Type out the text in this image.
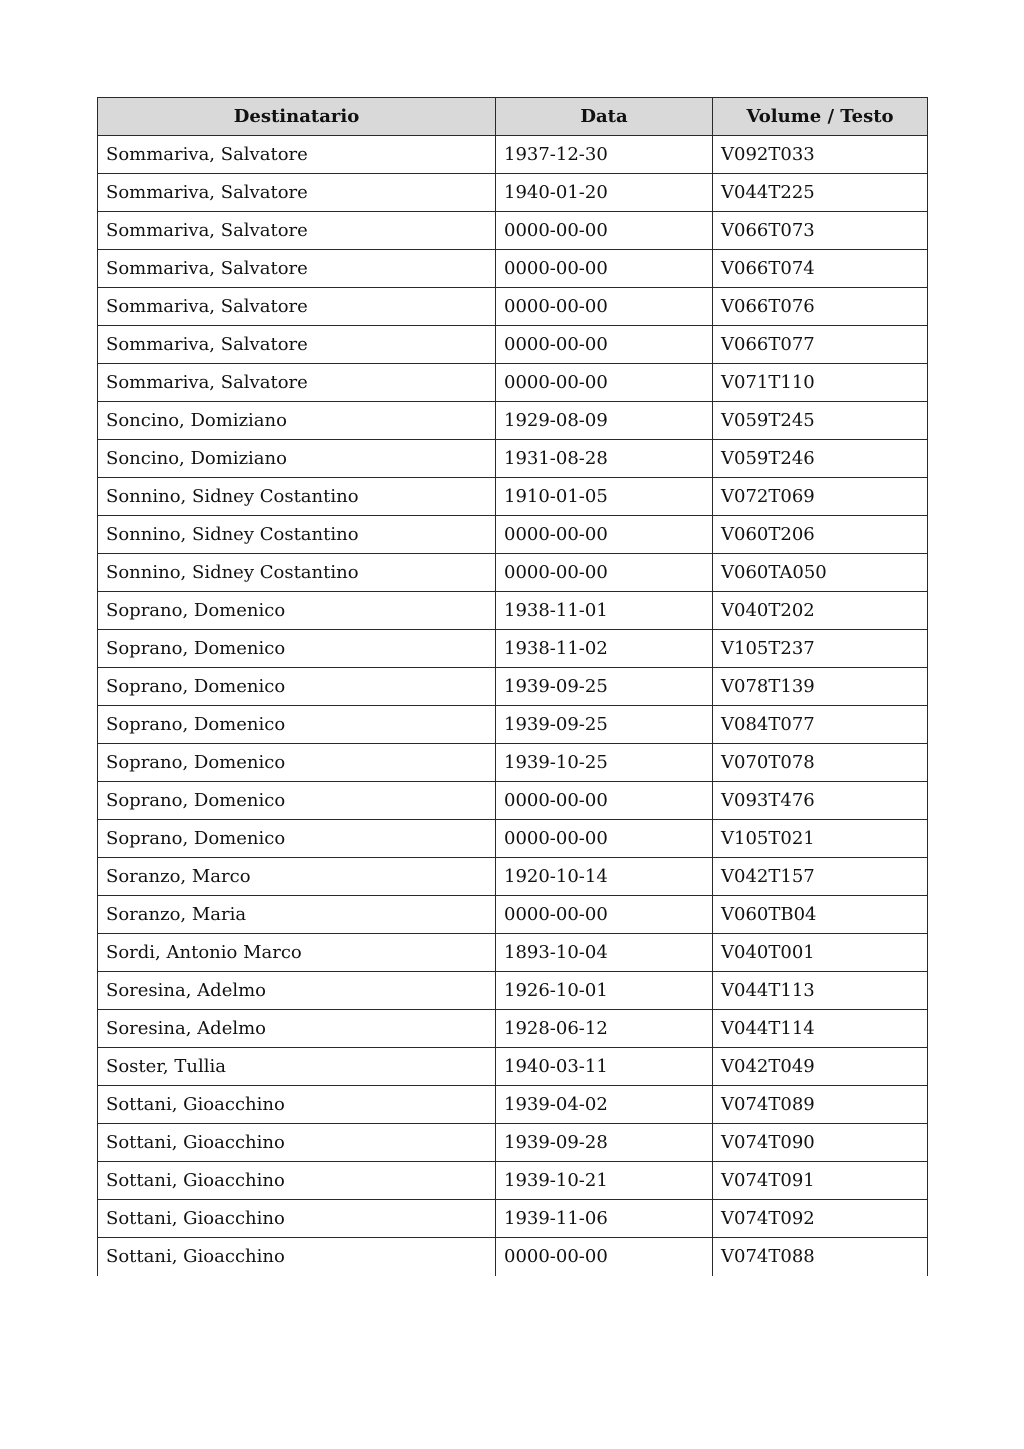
Destinatario	Data	Volume / Testo
Sommariva, Salvatore	1937-12-30	V092T033
Sommariva, Salvatore	1940-01-20	V044T225
Sommariva, Salvatore	0000-00-00	V066T073
Sommariva, Salvatore	0000-00-00	V066T074
Sommariva, Salvatore	0000-00-00	V066T076
Sommariva, Salvatore	0000-00-00	V066T077
Sommariva, Salvatore	0000-00-00	V071T110
Soncino, Domiziano	1929-08-09	V059T245
Soncino, Domiziano	1931-08-28	V059T246
Sonnino, Sidney Costantino	1910-01-05	V072T069
Sonnino, Sidney Costantino	0000-00-00	V060T206
Sonnino, Sidney Costantino	0000-00-00	V060TA050
Soprano, Domenico	1938-11-01	V040T202
Soprano, Domenico	1938-11-02	V105T237
Soprano, Domenico	1939-09-25	V078T139
Soprano, Domenico	1939-09-25	V084T077
Soprano, Domenico	1939-10-25	V070T078
Soprano, Domenico	0000-00-00	V093T476
Soprano, Domenico	0000-00-00	V105T021
Soranzo, Marco	1920-10-14	V042T157
Soranzo, Maria	0000-00-00	V060TB04
Sordi, Antonio Marco	1893-10-04	V040T001
Soresina, Adelmo	1926-10-01	V044T113
Soresina, Adelmo	1928-06-12	V044T114
Soster, Tullia	1940-03-11	V042T049
Sottani, Gioacchino	1939-04-02	V074T089
Sottani, Gioacchino	1939-09-28	V074T090
Sottani, Gioacchino	1939-10-21	V074T091
Sottani, Gioacchino	1939-11-06	V074T092
Sottani, Gioacchino	0000-00-00	V074T088
